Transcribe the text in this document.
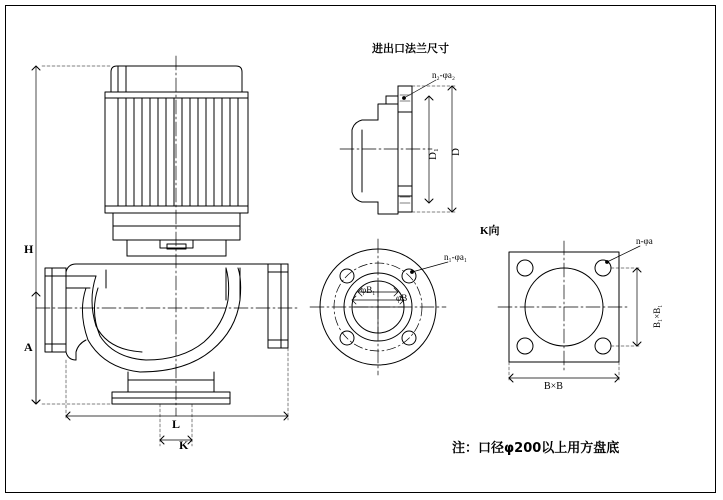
进出口法兰尺寸
K向
注：口径φ200以上用方盘底
H
A
L
K
n₂-φa₂
D₁ D
n₁-φa₁
φB₁
φB
n-φa
B₁×B₁
B×B
